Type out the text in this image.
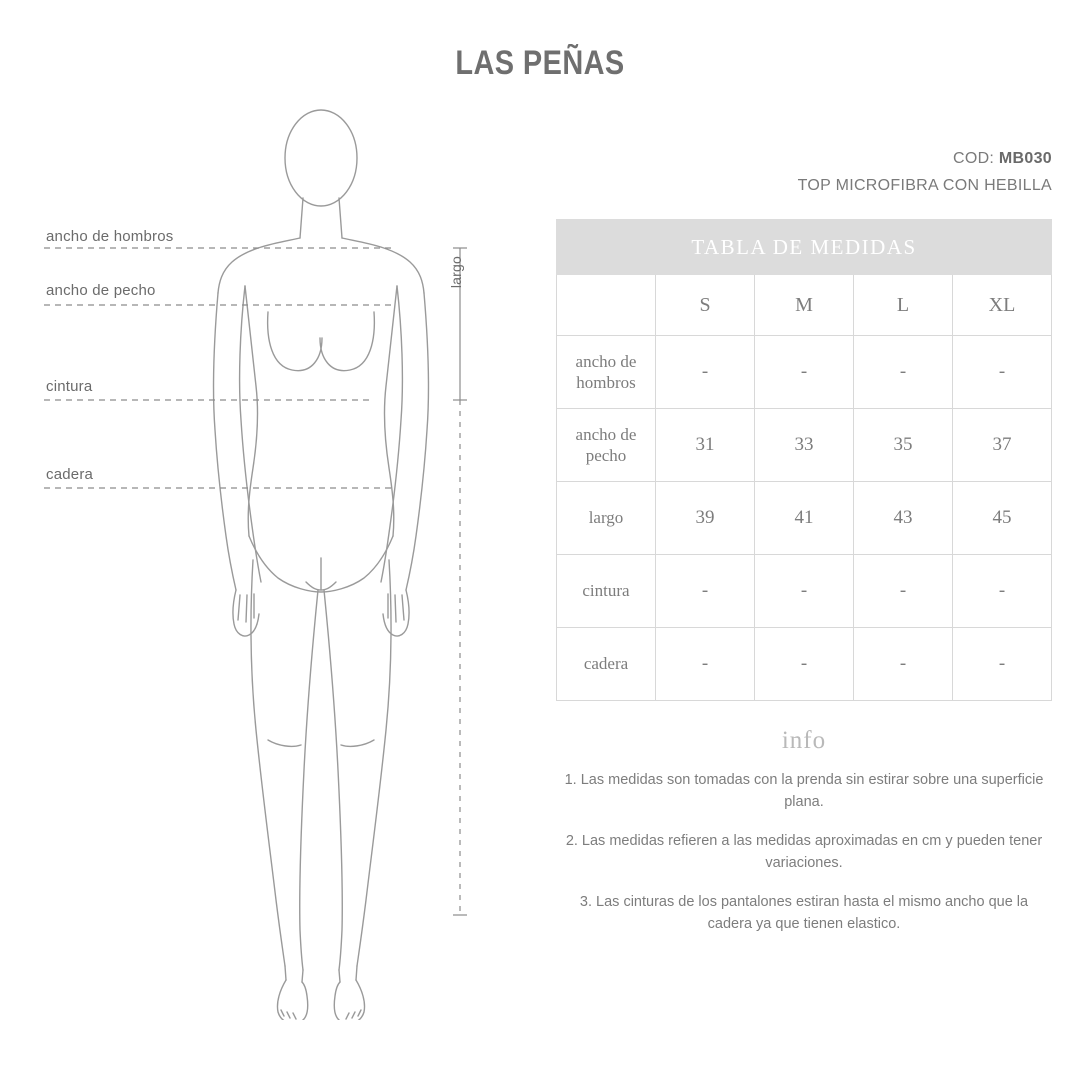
LAS PEÑAS
ancho de hombros
ancho de pecho
cintura
cadera
largo
COD: MB030
TOP MICROFIBRA CON HEBILLA
TABLA DE MEDIDAS				
	S	M	L	XL
ancho de hombros	-	-	-	-
ancho de pecho	31	33	35	37
largo	39	41	43	45
cintura	-	-	-	-
cadera	-	-	-	-
info
1. Las medidas son tomadas con la prenda sin estirar sobre una superficie plana.
2. Las medidas refieren a las medidas aproximadas en cm y pueden tener variaciones.
3. Las cinturas de los pantalones estiran hasta el mismo ancho que la cadera ya que tienen elastico.
